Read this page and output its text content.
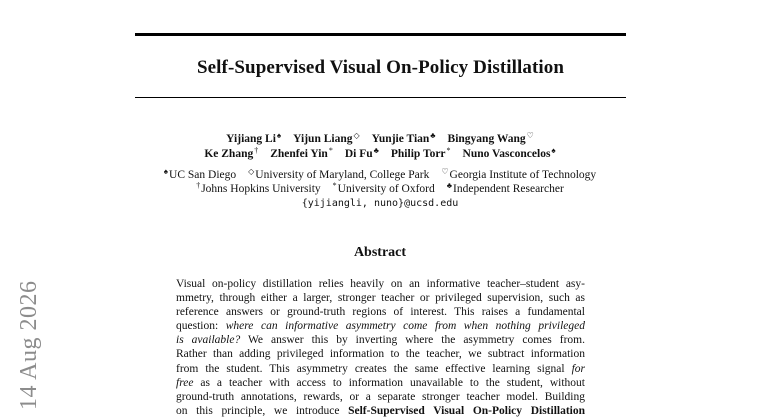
Self-Supervised Visual On-Policy Distillation
Yijiang Li♠ Yijun Liang◇ Yunjie Tian♣ Bingyang Wang♡
Ke Zhang† Zhenfei Yin* Di Fu♣ Philip Torr* Nuno Vasconcelos♠
♠UC San Diego ◇University of Maryland, College Park ♡Georgia Institute of Technology
†Johns Hopkins University *University of Oxford ♣Independent Researcher
{yijiangli, nuno}@ucsd.edu
Abstract
Visual on-policy distillation relies heavily on an informative teacher–student asy-
mmetry, through either a larger, stronger teacher or privileged supervision, such as
reference answers or ground-truth regions of interest. This raises a fundamental
question: where can informative asymmetry come from when nothing privileged
is available? We answer this by inverting where the asymmetry comes from.
Rather than adding privileged information to the teacher, we subtract information
from the student. This asymmetry creates the same effective learning signal for
free as a teacher with access to information unavailable to the student, without
ground-truth annotations, rewards, or a separate stronger teacher model. Building
on this principle, we introduce Self-Supervised Visual On-Policy Distillation
14 Aug 2026
